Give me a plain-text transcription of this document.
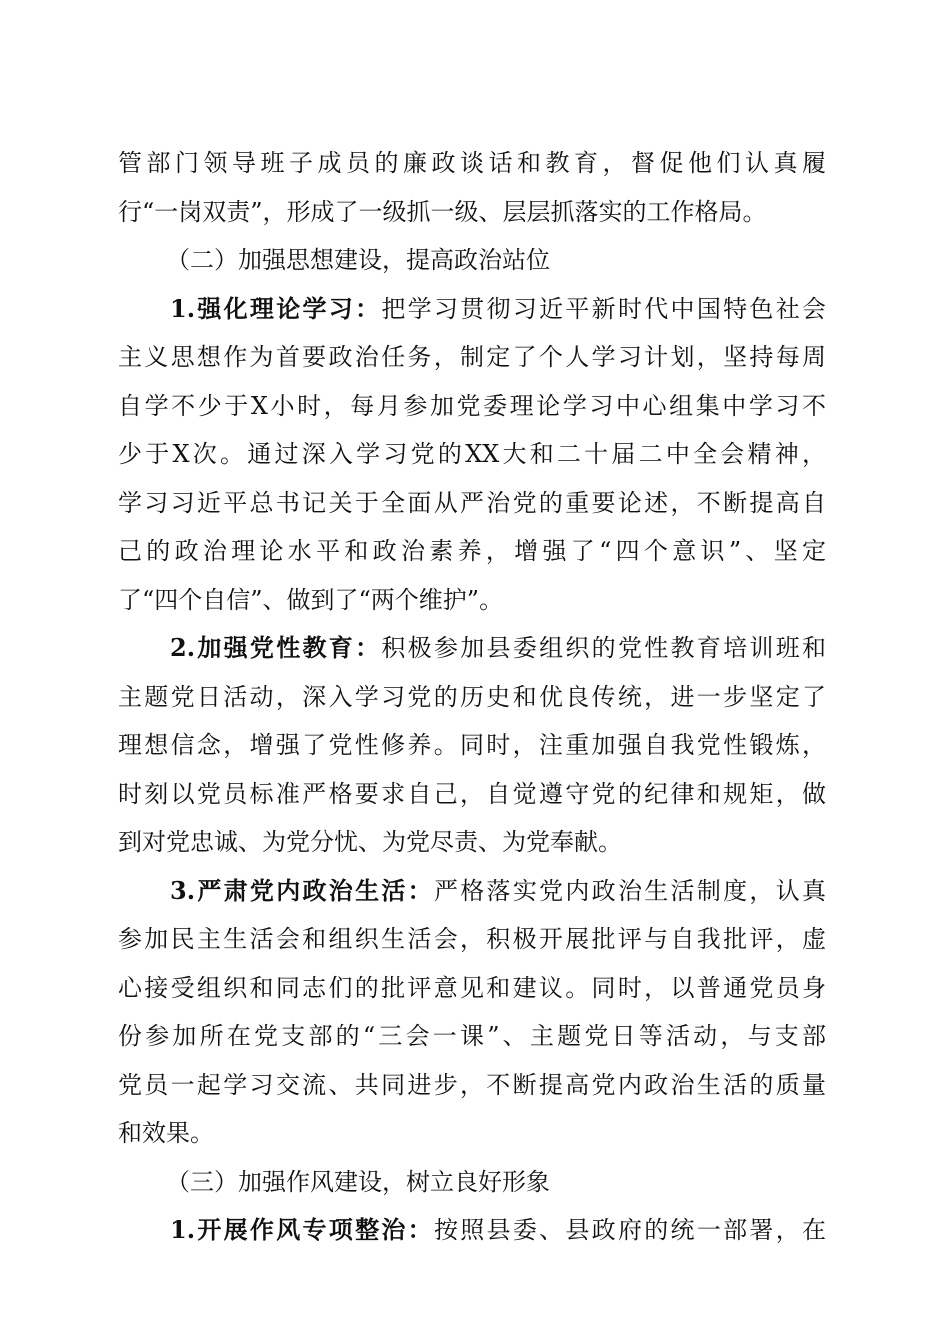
管部门领导班子成员的廉政谈话和教育，督促他们认真履
行“一岗双责”，形成了一级抓一级、层层抓落实的工作格局。
（二）加强思想建设，提高政治站位
1.强化理论学习：把学习贯彻习近平新时代中国特色社会
主义思想作为首要政治任务，制定了个人学习计划，坚持每周
自学不少于X小时，每月参加党委理论学习中心组集中学习不
少于X次。通过深入学习党的XX大和二十届二中全会精神，
学习习近平总书记关于全面从严治党的重要论述，不断提高自
己的政治理论水平和政治素养，增强了“四个意识”、坚定
了“四个自信”、做到了“两个维护”。
2.加强党性教育：积极参加县委组织的党性教育培训班和
主题党日活动，深入学习党的历史和优良传统，进一步坚定了
理想信念，增强了党性修养。同时，注重加强自我党性锻炼，
时刻以党员标准严格要求自己，自觉遵守党的纪律和规矩，做
到对党忠诚、为党分忧、为党尽责、为党奉献。
3.严肃党内政治生活：严格落实党内政治生活制度，认真
参加民主生活会和组织生活会，积极开展批评与自我批评，虚
心接受组织和同志们的批评意见和建议。同时，以普通党员身
份参加所在党支部的“三会一课”、主题党日等活动，与支部
党员一起学习交流、共同进步，不断提高党内政治生活的质量
和效果。
（三）加强作风建设，树立良好形象
1.开展作风专项整治：按照县委、县政府的统一部署，在
